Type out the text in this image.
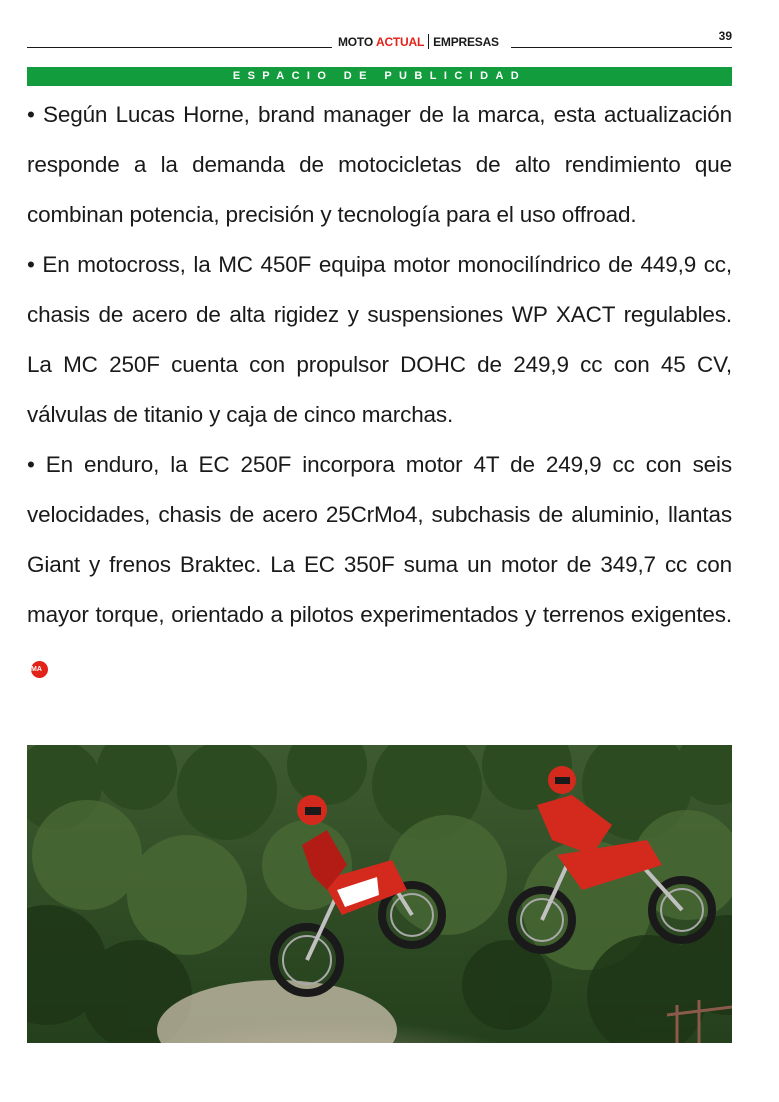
MOTO ACTUAL EMPRESAS	39
ESPACIO DE PUBLICIDAD

• Según Lucas Horne, brand manager de la marca, esta actualización responde a la demanda de motocicletas de alto rendimiento que combinan potencia, precisión y tecnología para el uso offroad.

• En motocross, la MC 450F equipa motor monocilíndrico de 449,9 cc, chasis de acero de alta rigidez y suspensiones WP XACT regulables. La MC 250F cuenta con propulsor DOHC de 249,9 cc con 45 CV, válvulas de titanio y caja de cinco marchas.

• En enduro, la EC 250F incorpora motor 4T de 249,9 cc con seis velocidades, chasis de acero 25CrMo4, subchasis de aluminio, llantas Giant y frenos Braktec. La EC 350F suma un motor de 349,7 cc con mayor torque, orientado a pilotos experimentados y terrenos exigentes.MA
